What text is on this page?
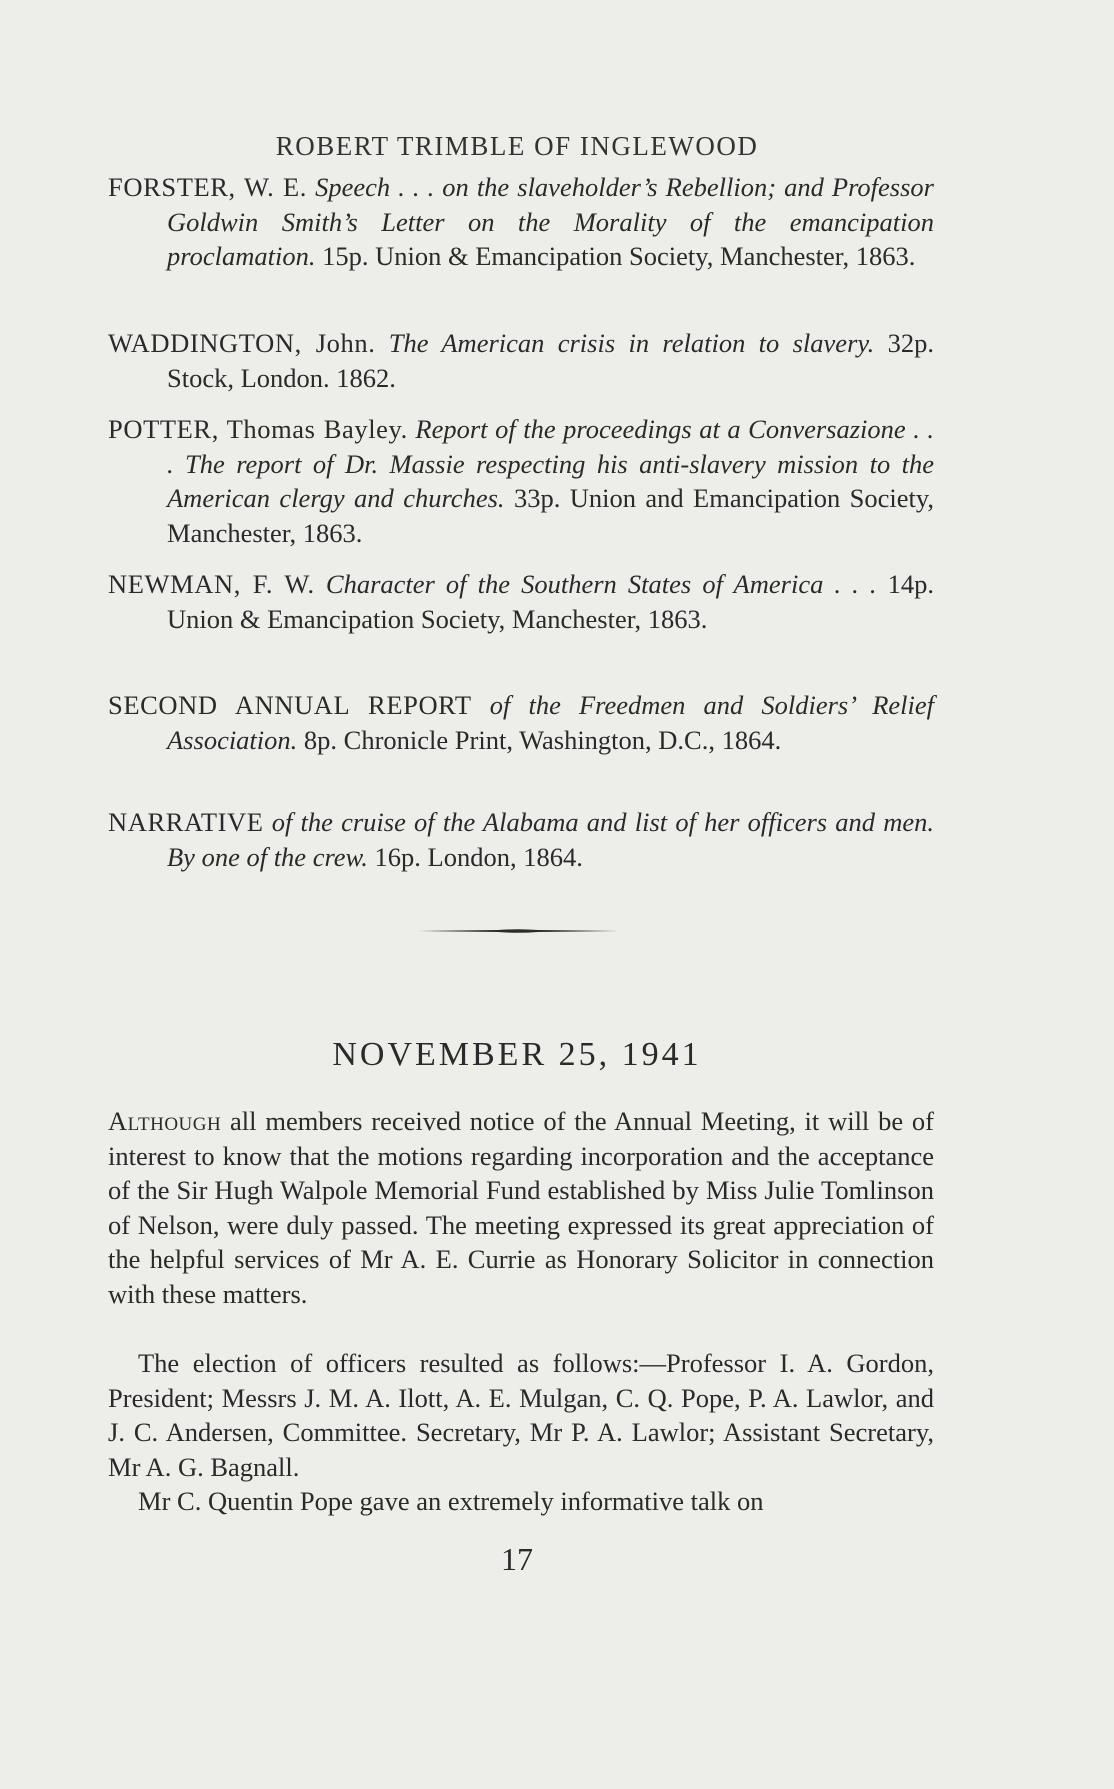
ROBERT TRIMBLE OF INGLEWOOD
FORSTER, W. E. Speech . . . on the slaveholder’s Rebellion; and Professor Goldwin Smith’s Letter on the Morality of the emancipation proclamation. 15p. Union & Emancipation Society, Manchester, 1863.
WADDINGTON, John. The American crisis in relation to slavery. 32p. Stock, London. 1862.
POTTER, Thomas Bayley. Report of the proceedings at a Conversazione . . . The report of Dr. Massie respecting his anti-slavery mission to the American clergy and churches. 33p. Union and Emancipation Society, Manchester, 1863.
NEWMAN, F. W. Character of the Southern States of America . . . 14p. Union & Emancipation Society, Manchester, 1863.
SECOND ANNUAL REPORT of the Freedmen and Soldiers’ Relief Association. 8p. Chronicle Print, Washington, D.C., 1864.
NARRATIVE of the cruise of the Alabama and list of her officers and men. By one of the crew. 16p. London, 1864.
NOVEMBER 25, 1941
Although all members received notice of the Annual Meeting, it will be of interest to know that the motions regarding incorporation and the acceptance of the Sir Hugh Walpole Memorial Fund established by Miss Julie Tomlinson of Nelson, were duly passed. The meeting expressed its great appreciation of the helpful services of Mr A. E. Currie as Honorary Solicitor in connection with these matters.
The election of officers resulted as follows:—Professor I. A. Gordon, President; Messrs J. M. A. Ilott, A. E. Mulgan, C. Q. Pope, P. A. Lawlor, and J. C. Andersen, Committee. Secretary, Mr P. A. Lawlor; Assistant Secretary, Mr A. G. Bagnall.
Mr C. Quentin Pope gave an extremely informative talk on
17
